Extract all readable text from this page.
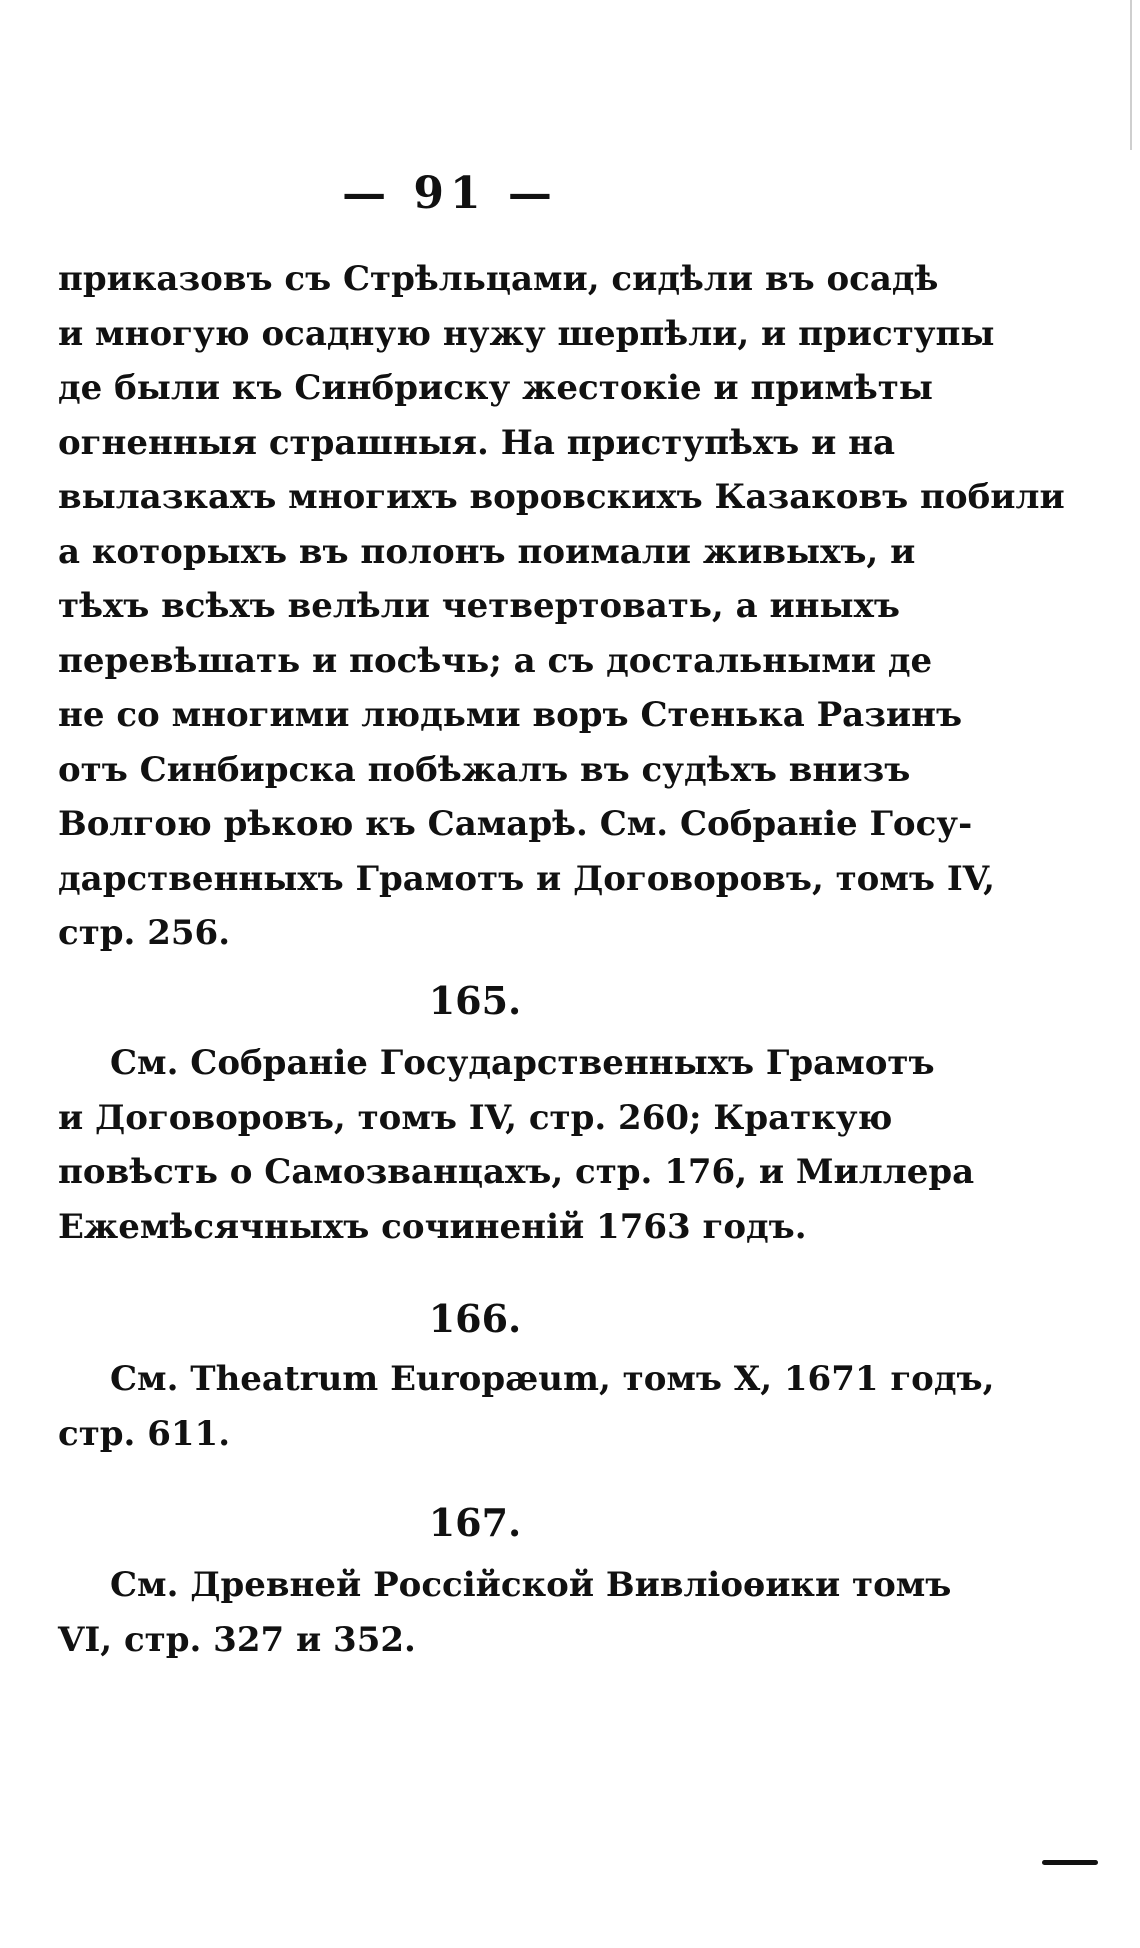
— 91 —
приказовъ съ Стрѣльцами, сидѣли въ осадѣ
и многую осадную нужу шерпѣли, и приступы
де были къ Синбриску жестокіе и примѣты
огненныя страшныя. На приступѣхъ и на
вылазкахъ многихъ воровскихъ Казаковъ побили
а которыхъ въ полонъ поимали живыхъ, и
тѣхъ всѣхъ велѣли четвертовать, а иныхъ
перевѣшать и посѣчь; а съ достальными де
не со многими людьми воръ Стенька Разинъ
отъ Синбирска побѣжалъ въ судѣхъ внизъ
Волгою рѣкою къ Самарѣ. См. Собраніе Госу-
дарственныхъ Грамотъ и Договоровъ, томъ IV,
стр. 256.
165.
См. Собраніе Государственныхъ Грамотъ
и Договоровъ, томъ IV, стр. 260; Краткую
повѣсть о Самозванцахъ, стр. 176, и Миллера
Ежемѣсячныхъ сочиненій 1763 годъ.
166.
См. Theatrum Europæum, томъ X, 1671 годъ,
стр. 611.
167.
См. Древней Россійской Вивліоѳики томъ
VI, стр. 327 и 352.
